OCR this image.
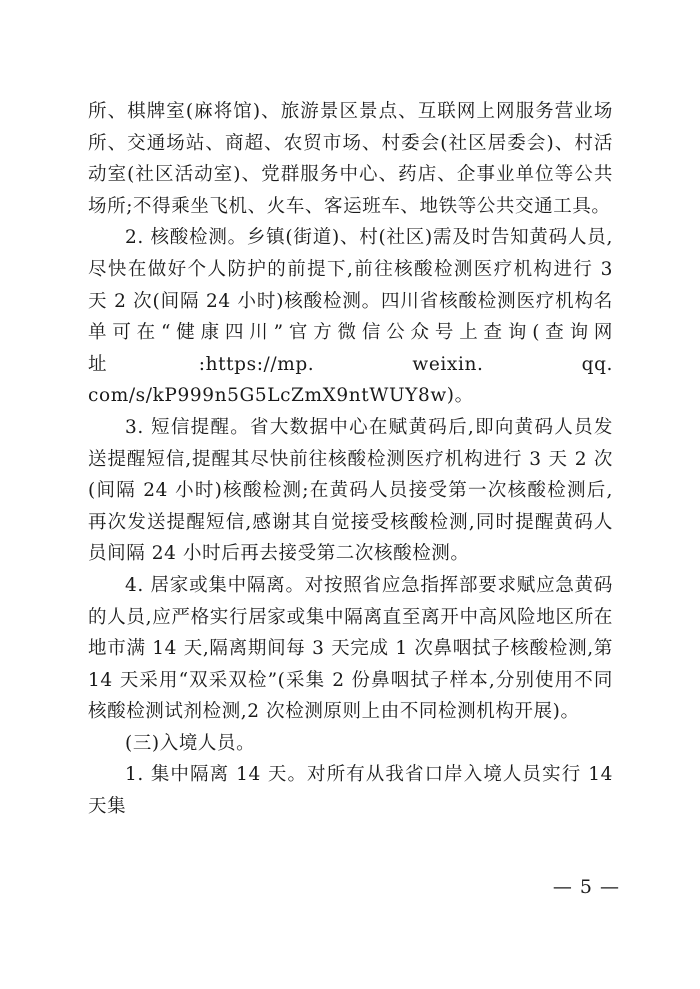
所、棋牌室(麻将馆)、旅游景区景点、互联网上网服务营业场所、交通场站、商超、农贸市场、村委会(社区居委会)、村活动室(社区活动室)、党群服务中心、药店、企事业单位等公共场所;不得乘坐飞机、火车、客运班车、地铁等公共交通工具。

2. 核酸检测。乡镇(街道)、村(社区)需及时告知黄码人员,尽快在做好个人防护的前提下,前往核酸检测医疗机构进行 3 天 2 次(间隔 24 小时)核酸检测。四川省核酸检测医疗机构名单可在“健康四川”官方微信公众号上查询(查询网址:https://mp. weixin. qq. com/s/kP999n5G5LcZmX9ntWUY8w)。

3. 短信提醒。省大数据中心在赋黄码后,即向黄码人员发送提醒短信,提醒其尽快前往核酸检测医疗机构进行 3 天 2 次(间隔 24 小时)核酸检测;在黄码人员接受第一次核酸检测后,再次发送提醒短信,感谢其自觉接受核酸检测,同时提醒黄码人员间隔 24 小时后再去接受第二次核酸检测。

4. 居家或集中隔离。对按照省应急指挥部要求赋应急黄码的人员,应严格实行居家或集中隔离直至离开中高风险地区所在地市满 14 天,隔离期间每 3 天完成 1 次鼻咽拭子核酸检测,第 14 天采用“双采双检”(采集 2 份鼻咽拭子样本,分别使用不同核酸检测试剂检测,2 次检测原则上由不同检测机构开展)。

(三)入境人员。

1. 集中隔离 14 天。对所有从我省口岸入境人员实行 14 天集

— 5 —
